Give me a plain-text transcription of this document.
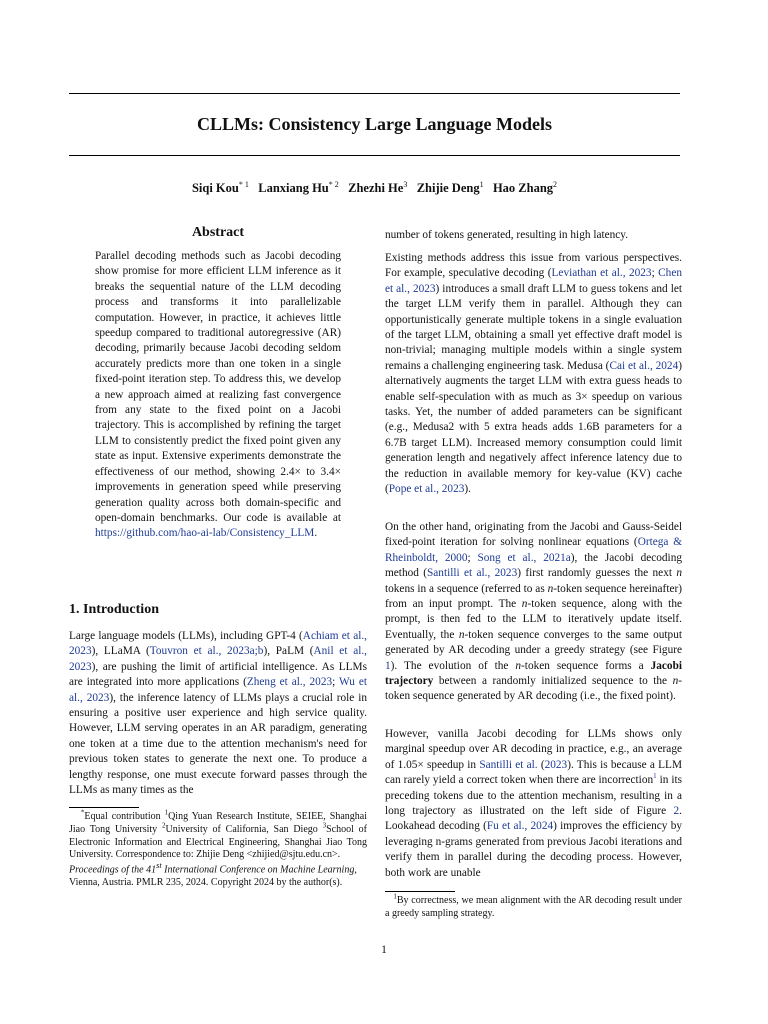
CLLMs: Consistency Large Language Models
Siqi Kou$^{* 1}$ Lanxiang Hu$^{* 2}$ Zhezhi He$^3$ Zhijie Deng$^1$ Hao Zhang$^2$
Abstract
Parallel decoding methods such as Jacobi decoding show promise for more efficient LLM inference as it breaks the sequential nature of the LLM decoding process and transforms it into parallelizable computation. However, in practice, it achieves little speedup compared to traditional autoregressive (AR) decoding, primarily because Jacobi decoding seldom accurately predicts more than one token in a single fixed-point iteration step. To address this, we develop a new approach aimed at realizing fast convergence from any state to the fixed point on a Jacobi trajectory. This is accomplished by refining the target LLM to consistently predict the fixed point given any state as input. Extensive experiments demonstrate the effectiveness of our method, showing 2.4× to 3.4× improvements in generation speed while preserving generation quality across both domain-specific and open-domain benchmarks. Our code is available at https://github.com/hao-ai-lab/Consistency_LLM.
1. Introduction
Large language models (LLMs), including GPT-4 (Achiam et al., 2023), LLaMA (Touvron et al., 2023a;b), PaLM (Anil et al., 2023), are pushing the limit of artificial intelligence. As LLMs are integrated into more applications (Zheng et al., 2023; Wu et al., 2023), the inference latency of LLMs plays a crucial role in ensuring a positive user experience and high service quality. However, LLM serving operates in an AR paradigm, generating one token at a time due to the attention mechanism's need for previous token states to generate the next one. To produce a lengthy response, one must execute forward passes through the LLMs as many times as the
*Equal contribution $^1$Qing Yuan Research Institute, SEIEE, Shanghai Jiao Tong University $^2$University of California, San Diego $^3$School of Electronic Information and Electrical Engineering, Shanghai Jiao Tong University. Correspondence to: Zhijie Deng <zhijied@sjtu.edu.cn>.
Proceedings of the 41st International Conference on Machine Learning, Vienna, Austria. PMLR 235, 2024. Copyright 2024 by the author(s).
number of tokens generated, resulting in high latency.
Existing methods address this issue from various perspectives. For example, speculative decoding (Leviathan et al., 2023; Chen et al., 2023) introduces a small draft LLM to guess tokens and let the target LLM verify them in parallel. Although they can opportunistically generate multiple tokens in a single evaluation of the target LLM, obtaining a small yet effective draft model is non-trivial; managing multiple models within a single system remains a challenging engineering task. Medusa (Cai et al., 2024) alternatively augments the target LLM with extra guess heads to enable self-speculation with as much as 3× speedup on various tasks. Yet, the number of added parameters can be significant (e.g., Medusa2 with 5 extra heads adds 1.6B parameters for a 6.7B target LLM). Increased memory consumption could limit generation length and negatively affect inference latency due to the reduction in available memory for key-value (KV) cache (Pope et al., 2023).
On the other hand, originating from the Jacobi and Gauss-Seidel fixed-point iteration for solving nonlinear equations (Ortega & Rheinboldt, 2000; Song et al., 2021a), the Jacobi decoding method (Santilli et al., 2023) first randomly guesses the next n tokens in a sequence (referred to as n-token sequence hereinafter) from an input prompt. The n-token sequence, along with the prompt, is then fed to the LLM to iteratively update itself. Eventually, the n-token sequence converges to the same output generated by AR decoding under a greedy strategy (see Figure 1). The evolution of the n-token sequence forms a Jacobi trajectory between a randomly initialized sequence to the n-token sequence generated by AR decoding (i.e., the fixed point).
However, vanilla Jacobi decoding for LLMs shows only marginal speedup over AR decoding in practice, e.g., an average of 1.05× speedup in Santilli et al. (2023). This is because a LLM can rarely yield a correct token when there are incorrection$^1$ in its preceding tokens due to the attention mechanism, resulting in a long trajectory as illustrated on the left side of Figure 2. Lookahead decoding (Fu et al., 2024) improves the efficiency by leveraging n-grams generated from previous Jacobi iterations and verify them in parallel during the decoding process. However, both work are unable
$^1$By correctness, we mean alignment with the AR decoding result under a greedy sampling strategy.
1
